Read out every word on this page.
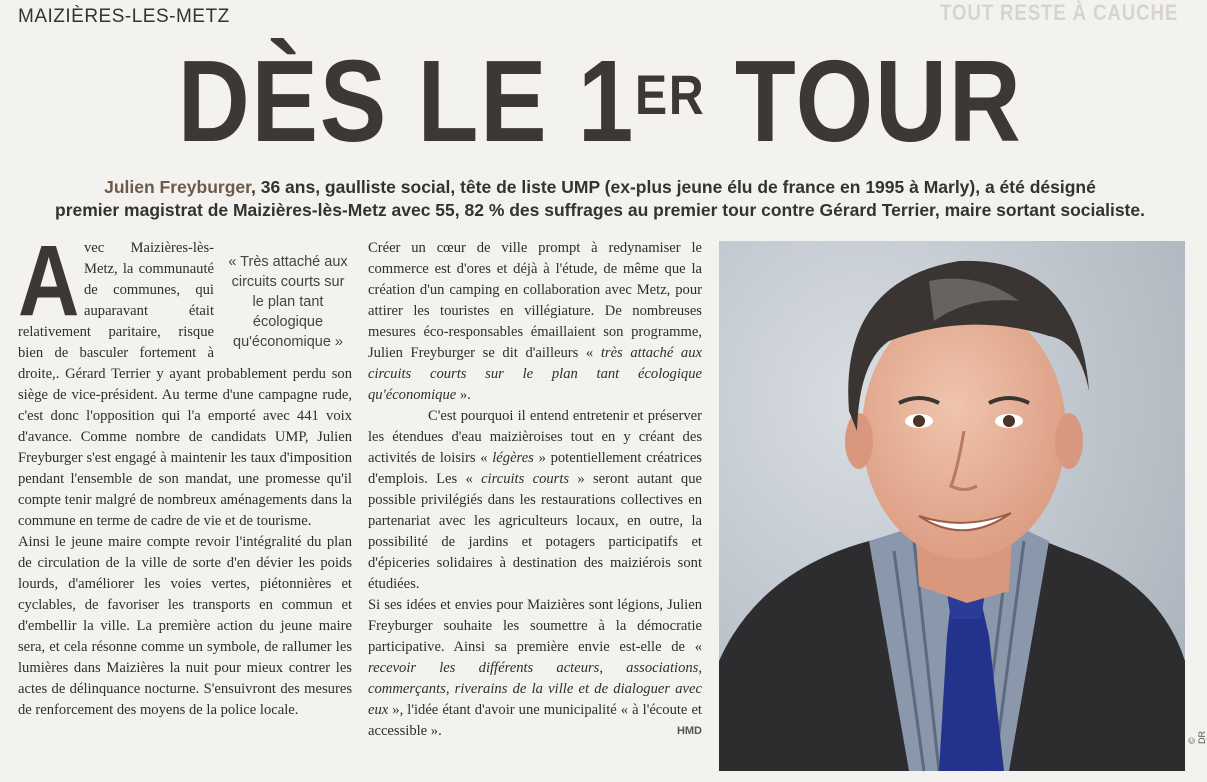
MAIZIÈRES-LES-METZ	TOUT RESTE À CAUCHE
DÈS LE 1ER TOUR
Julien Freyburger, 36 ans, gaulliste social, tête de liste UMP (ex-plus jeune élu de france en 1995 à Marly), a été désigné
premier magistrat de Maizières-lès-Metz avec 55, 82 % des suffrages au premier tour contre Gérard Terrier, maire sortant socialiste.
A	« Très attaché aux circuits courts sur le plan tant écologique qu'économique »

vec Maizières-lès-Metz, la communauté de communes, qui auparavant était relativement paritaire, risque bien de basculer fortement à droite,. Gérard Terrier y ayant probablement perdu son siège de vice-président. Au terme d'une campagne rude, c'est donc l'opposition qui l'a emporté avec 441 voix d'avance. Comme nombre de candidats UMP, Julien Freyburger s'est engagé à maintenir les taux d'imposition pendant l'ensemble de son mandat, une promesse qu'il compte tenir malgré de nombreux aménagements dans la commune en terme de cadre de vie et de tourisme.

Ainsi le jeune maire compte revoir l'intégralité du plan de circulation de la ville de sorte d'en dévier les poids lourds, d'améliorer les voies vertes, piétonnières et cyclables, de favoriser les transports en commun et d'embellir la ville. La première action du jeune maire sera, et cela résonne comme un symbole, de rallumer les lumières dans Maizières la nuit pour mieux contrer les actes de délinquance nocturne. S'ensuivront des mesures de renforcement des moyens de la police locale.

Créer un cœur de ville prompt à redynamiser le commerce est d'ores et déjà à l'étude, de même que la création d'un camping en collaboration avec Metz, pour attirer les touristes en villégiature. De nombreuses mesures éco-responsables émaillaient son programme, Julien Freyburger se dit d'ailleurs « très attaché aux circuits courts sur le plan tant écologique qu'économique ».

C'est pourquoi il entend entretenir et préserver les étendues d'eau maizièroises tout en y créant des activités de loisirs « légères » potentiellement créatrices d'emplois. Les « circuits courts » seront autant que possible privilégiés dans les restaurations collectives en partenariat avec les agriculteurs locaux, en outre, la possibilité de jardins et potagers participatifs et d'épiceries solidaires à destination des maiziérois sont étudiées.

Si ses idées et envies pour Maizières sont légions, Julien Freyburger souhaite les soumettre à la démocratie participative. Ainsi sa première envie est-elle de « recevoir les différents acteurs, associations, commerçants, riverains de la ville et de dialoguer avec eux », l'idée étant d'avoir une municipalité « à l'écoute et accessible ».	HMD

© DR
